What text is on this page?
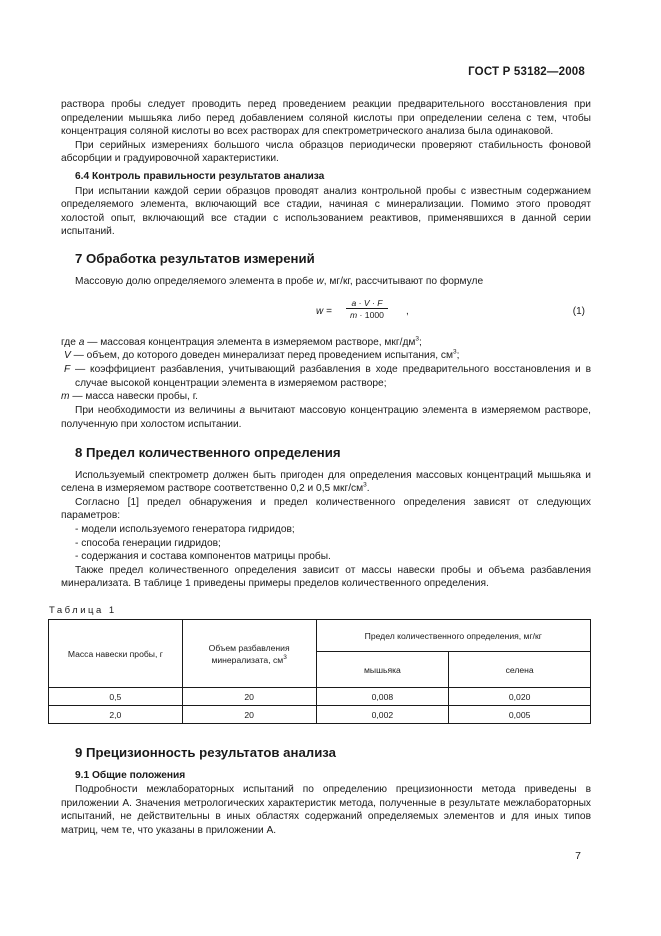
ГОСТ Р 53182—2008

раствора пробы следует проводить перед проведением реакции предварительного восстановления при определении мышьяка либо перед добавлением соляной кислоты при определении селена с тем, чтобы концентрация соляной кислоты во всех растворах для спектрометрического анализа была одинаковой.

При серийных измерениях большого числа образцов периодически проверяют стабильность фоновой абсорбции и градуировочной характеристики.

6.4 Контроль правильности результатов анализа

При испытании каждой серии образцов проводят анализ контрольной пробы с известным содержанием определяемого элемента, включающий все стадии, начиная с минерализации. Помимо этого проводят холостой опыт, включающий все стадии с использованием реактивов, применявшихся в данной серии испытаний.

7 Обработка результатов измерений

Массовую долю определяемого элемента в пробе w, мг/кг, рассчитывают по формуле

$w = \frac{a \cdot V \cdot F}{m \cdot 1000}$ ,	(1)
где a — массовая концентрация элемента в измеряемом растворе, мкг/$дм^3$;
V — объем, до которого доведен минерализат перед проведением испытания, $см^3$;
F — коэффициент разбавления, учитывающий разбавления в ходе предварительного восстановления и в случае высокой концентрации элемента в измеряемом растворе;
m — масса навески пробы, г.

При необходимости из величины a вычитают массовую концентрацию элемента в измеряемом растворе, полученную при холостом испытании.

8 Предел количественного определения

Используемый спектрометр должен быть пригоден для определения массовых концентраций мышьяка и селена в измеряемом растворе соответственно 0,2 и 0,5 мкг/$см^3$.

Согласно [1] предел обнаружения и предел количественного определения зависят от следующих параметров:

- модели используемого генератора гидридов;

- способа генерации гидридов;

- содержания и состава компонентов матрицы пробы.

Также предел количественного определения зависит от массы навески пробы и объема разбавления минерализата. В таблице 1 приведены примеры пределов количественного определения.

Таблица 1
Масса навески пробы, г	Объем разбавления минерализата, $см^3$	Предел количественного определения, мг/кг	
		мышьяка	селена
0,5	20	0,008	0,020
2,0	20	0,002	0,005

9 Прецизионность результатов анализа

9.1 Общие положения

Подробности межлабораторных испытаний по определению прецизионности метода приведены в приложении А. Значения метрологических характеристик метода, полученные в результате межлабораторных испытаний, не действительны в иных областях содержаний определяемых элементов и для иных типов матриц, чем те, что указаны в приложении А.

7
